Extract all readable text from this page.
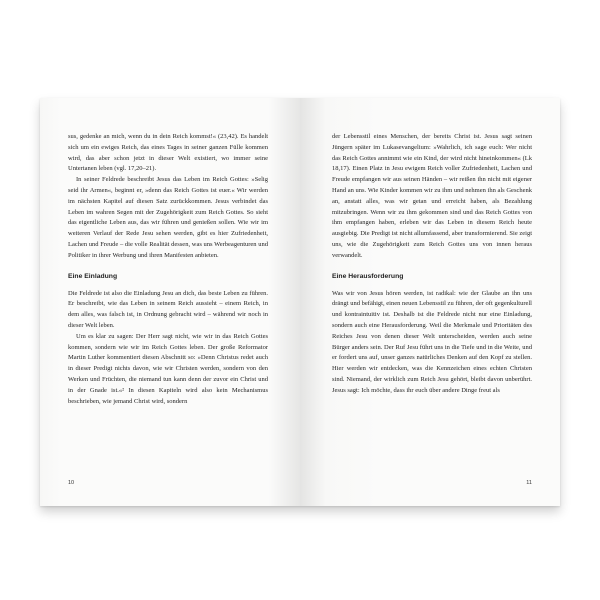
sus, gedenke an mich, wenn du in dein Reich kommst!« (23,42). Es handelt sich um ein ewiges Reich, das eines Tages in seiner ganzen Fülle kommen wird, das aber schon jetzt in dieser Welt existiert, wo immer seine Untertanen leben (vgl. 17,20–21).

In seiner Feldrede beschreibt Jesus das Leben im Reich Gottes: »Selig seid ihr Armen«, beginnt er, »denn das Reich Gottes ist euer.« Wir werden im nächsten Kapitel auf diesen Satz zurückkommen. Jesus verbindet das Leben im wahren Segen mit der Zugehörigkeit zum Reich Gottes. So sieht das eigentliche Leben aus, das wir führen und genießen sollen. Wie wir im weiteren Verlauf der Rede Jesu sehen werden, gibt es hier Zufriedenheit, Lachen und Freude – die volle Realität dessen, was uns Werbeagenturen und Politiker in ihrer Werbung und ihren Manifesten anbieten.

Eine Einladung

Die Feldrede ist also die Einladung Jesu an dich, das beste Leben zu führen. Er beschreibt, wie das Leben in seinem Reich aussieht – einem Reich, in dem alles, was falsch ist, in Ordnung gebracht wird – während wir noch in dieser Welt leben.

Um es klar zu sagen: Der Herr sagt nicht, wie wir in das Reich Gottes kommen, sondern wie wir im Reich Gottes leben. Der große Reformator Martin Luther kommentiert diesen Abschnitt so: »Denn Christus redet auch in dieser Predigt nichts davon, wie wir Christen werden, sondern von den Werken und Früchten, die niemand tun kann denn der zuvor ein Christ und in der Gnade ist.«² In diesen Kapiteln wird also kein Mechanismus beschrieben, wie jemand Christ wird, sondern

10

der Lebensstil eines Menschen, der bereits Christ ist. Jesus sagt seinen Jüngern später im Lukasevangelium: »Wahrlich, ich sage euch: Wer nicht das Reich Gottes annimmt wie ein Kind, der wird nicht hineinkommen« (Lk 18,17). Einen Platz in Jesu ewigem Reich voller Zufriedenheit, Lachen und Freude empfangen wir aus seinen Händen – wir reißen ihn nicht mit eigener Hand an uns. Wie Kinder kommen wir zu ihm und nehmen ihn als Geschenk an, anstatt alles, was wir getan und erreicht haben, als Bezahlung mitzubringen. Wenn wir zu ihm gekommen sind und das Reich Gottes von ihm empfangen haben, erleben wir das Leben in diesem Reich heute ausgiebig. Die Predigt ist nicht allumfassend, aber transformierend. Sie zeigt uns, wie die Zugehörigkeit zum Reich Gottes uns von innen heraus verwandelt.

Eine Herausforderung

Was wir von Jesus hören werden, ist radikal: wie der Glaube an ihn uns drängt und befähigt, einen neuen Lebensstil zu führen, der oft gegenkulturell und kontraintuitiv ist. Deshalb ist die Feldrede nicht nur eine Einladung, sondern auch eine Herausforderung. Weil die Merkmale und Prioritäten des Reiches Jesu von denen dieser Welt unterscheiden, werden auch seine Bürger anders sein. Der Ruf Jesu führt uns in die Tiefe und in die Weite, und er fordert uns auf, unser ganzes natürliches Denken auf den Kopf zu stellen. Hier werden wir entdecken, was die Kennzeichen eines echten Christen sind. Niemand, der wirklich zum Reich Jesu gehört, bleibt davon unberührt. Jesus sagt: Ich möchte, dass ihr euch über andere Dinge freut als

11
